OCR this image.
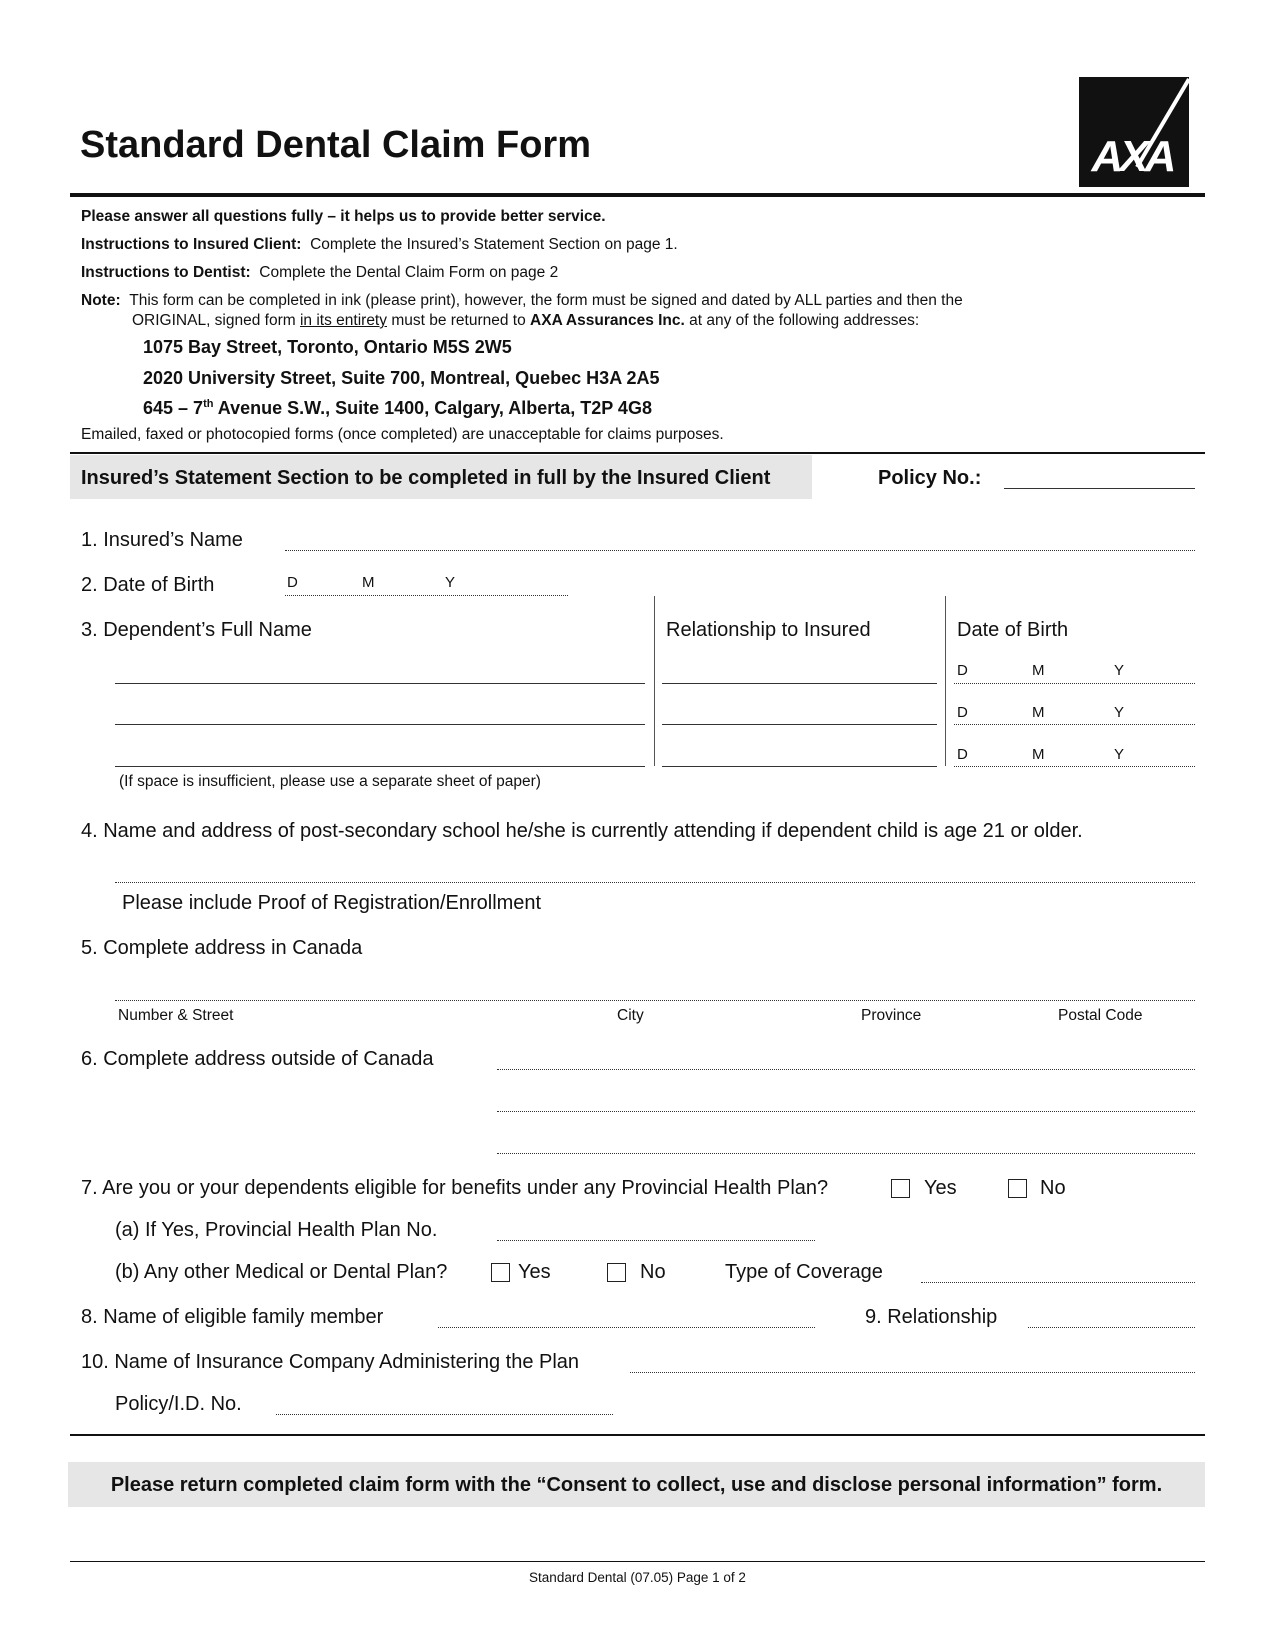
Standard Dental Claim Form	AXA
Please answer all questions fully – it helps us to provide better service.
Instructions to Insured Client: Complete the Insured’s Statement Section on page 1.
Instructions to Dentist: Complete the Dental Claim Form on page 2
Note: This form can be completed in ink (please print), however, the form must be signed and dated by ALL parties and then the
ORIGINAL, signed form in its entirety must be returned to AXA Assurances Inc. at any of the following addresses:
1075 Bay Street, Toronto, Ontario M5S 2W5
2020 University Street, Suite 700, Montreal, Quebec H3A 2A5
645 – 7th Avenue S.W., Suite 1400, Calgary, Alberta, T2P 4G8
Emailed, faxed or photocopied forms (once completed) are unacceptable for claims purposes.
Insured’s Statement Section to be completed in full by the Insured Client	Policy No.:
1. Insured’s Name
2. Date of Birth	D	M	Y
3. Dependent’s Full Name	Relationship to Insured	Date of Birth
D	M	Y
D	M	Y
D	M	Y
(If space is insufficient, please use a separate sheet of paper)
4. Name and address of post-secondary school he/she is currently attending if dependent child is age 21 or older.
Please include Proof of Registration/Enrollment
5. Complete address in Canada
Number & Street	City	Province	Postal Code
6. Complete address outside of Canada
7. Are you or your dependents eligible for benefits under any Provincial Health Plan?	Yes	No
(a) If Yes, Provincial Health Plan No.
(b) Any other Medical or Dental Plan?	Yes	No	Type of Coverage
8. Name of eligible family member	9. Relationship
10. Name of Insurance Company Administering the Plan
Policy/I.D. No.
Please return completed claim form with the “Consent to collect, use and disclose personal information” form.
Standard Dental (07.05) Page 1 of 2
